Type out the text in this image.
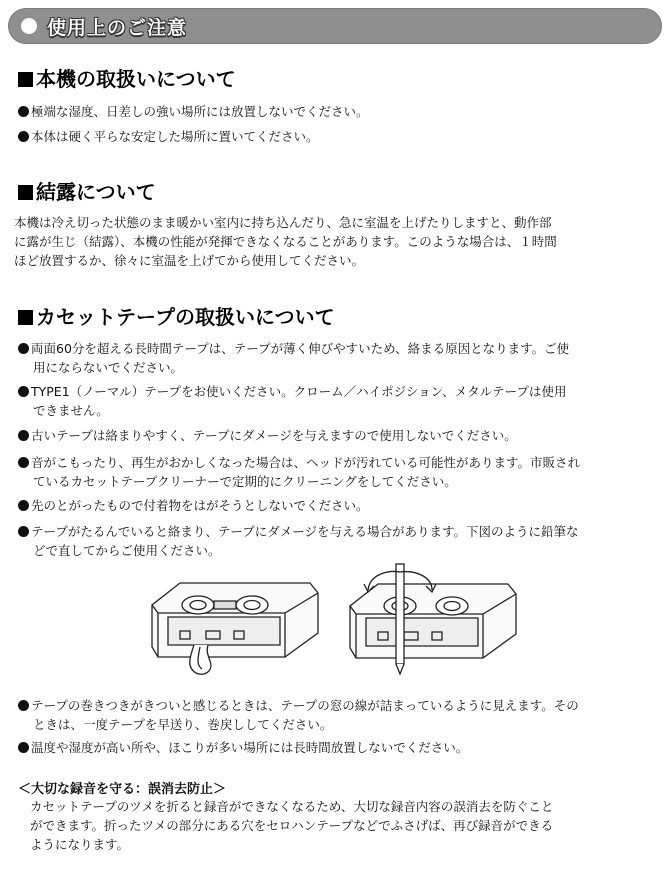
使用上のご注意
本機の取扱いについて
極端な湿度、日差しの強い場所には放置しないでください。
本体は硬く平らな安定した場所に置いてください。
結露について
本機は冷え切った状態のまま暖かい室内に持ち込んだり、急に室温を上げたりしますと、動作部
に露が生じ（結露）、本機の性能が発揮できなくなることがあります。このような場合は、１時間
ほど放置するか、徐々に室温を上げてから使用してください。
カセットテープの取扱いについて
両面60分を超える長時間テープは、テープが薄く伸びやすいため、絡まる原因となります。ご使
用にならないでください。
TYPE1（ノーマル）テープをお使いください。クローム／ハイポジション、メタルテープは使用
できません。
古いテープは絡まりやすく、テープにダメージを与えますので使用しないでください。
音がこもったり、再生がおかしくなった場合は、ヘッドが汚れている可能性があります。市販され
ているカセットテープクリーナーで定期的にクリーニングをしてください。
先のとがったもので付着物をはがそうとしないでください。
テープがたるんでいると絡まり、テープにダメージを与える場合があります。下図のように鉛筆な
どで直してからご使用ください。
テープの巻きつきがきついと感じるときは、テープの窓の線が詰まっているように見えます。その
ときは、一度テープを早送り、巻戻ししてください。
温度や湿度が高い所や、ほこりが多い場所には長時間放置しないでください。
＜大切な録音を守る：誤消去防止＞
カセットテープのツメを折ると録音ができなくなるため、大切な録音内容の誤消去を防ぐこと
ができます。折ったツメの部分にある穴をセロハンテープなどでふさげば、再び録音ができる
ようになります。
